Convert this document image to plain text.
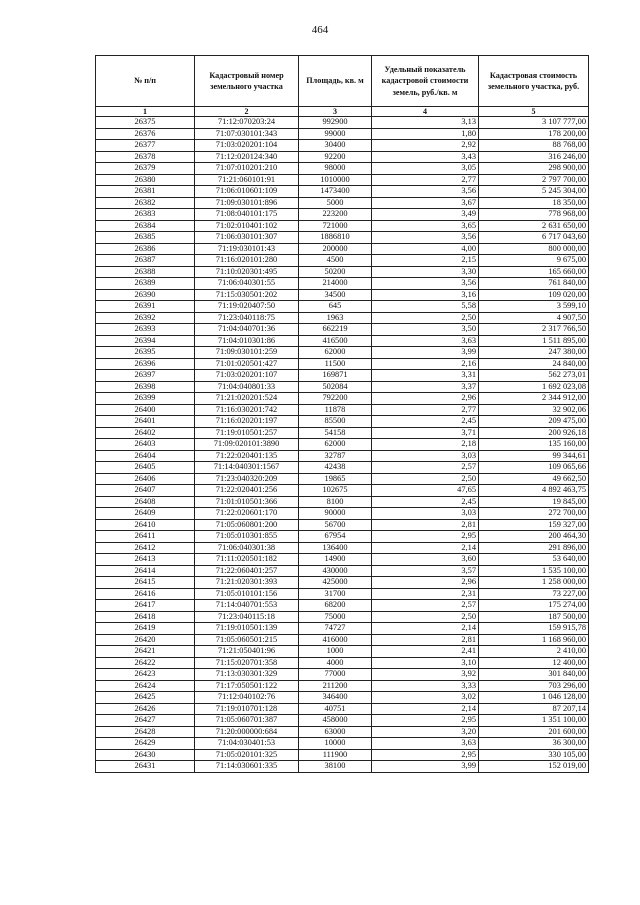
464
№ п/п	Кадастровый номер земельного участка	Площадь, кв. м	Удельный показатель кадастровой стоимости земель, руб./кв. м	Кадастровая стоимость земельного участка, руб.
1	2	3	4	5
26375	71:12:070203:24	992900	3,13	3 107 777,00
26376	71:07:030101:343	99000	1,80	178 200,00
26377	71:03:020201:104	30400	2,92	88 768,00
26378	71:12:020124:340	92200	3,43	316 246,00
26379	71:07:010201:210	98000	3,05	298 900,00
26380	71:21:060101:91	1010000	2,77	2 797 700,00
26381	71:06:010601:109	1473400	3,56	5 245 304,00
26382	71:09:030101:896	5000	3,67	18 350,00
26383	71:08:040101:175	223200	3,49	778 968,00
26384	71:02:010401:102	721000	3,65	2 631 650,00
26385	71:06:030101:307	1886810	3,56	6 717 043,60
26386	71:19:030101:43	200000	4,00	800 000,00
26387	71:16:020101:280	4500	2,15	9 675,00
26388	71:10:020301:495	50200	3,30	165 660,00
26389	71:06:040301:55	214000	3,56	761 840,00
26390	71:15:030501:202	34500	3,16	109 020,00
26391	71:19:020407:50	645	5,58	3 599,10
26392	71:23:040118:75	1963	2,50	4 907,50
26393	71:04:040701:36	662219	3,50	2 317 766,50
26394	71:04:010301:86	416500	3,63	1 511 895,00
26395	71:09:030101:259	62000	3,99	247 380,00
26396	71:01:020501:427	11500	2,16	24 840,00
26397	71:03:020201:107	169871	3,31	562 273,01
26398	71:04:040801:33	502084	3,37	1 692 023,08
26399	71:21:020201:524	792200	2,96	2 344 912,00
26400	71:16:030201:742	11878	2,77	32 902,06
26401	71:16:020201:197	85500	2,45	209 475,00
26402	71:19:010501:257	54158	3,71	200 926,18
26403	71:09:020101:3890	62000	2,18	135 160,00
26404	71:22:020401:135	32787	3,03	99 344,61
26405	71:14:040301:1567	42438	2,57	109 065,66
26406	71:23:040320:209	19865	2,50	49 662,50
26407	71:22:020401:256	102675	47,65	4 892 463,75
26408	71:01:010501:366	8100	2,45	19 845,00
26409	71:22:020601:170	90000	3,03	272 700,00
26410	71:05:060801:200	56700	2,81	159 327,00
26411	71:05:010301:855	67954	2,95	200 464,30
26412	71:06:040301:38	136400	2,14	291 896,00
26413	71:11:020501:182	14900	3,60	53 640,00
26414	71:22:060401:257	430000	3,57	1 535 100,00
26415	71:21:020301:393	425000	2,96	1 258 000,00
26416	71:05:010101:156	31700	2,31	73 227,00
26417	71:14:040701:553	68200	2,57	175 274,00
26418	71:23:040115:18	75000	2,50	187 500,00
26419	71:19:010501:139	74727	2,14	159 915,78
26420	71:05:060501:215	416000	2,81	1 168 960,00
26421	71:21:050401:96	1000	2,41	2 410,00
26422	71:15:020701:358	4000	3,10	12 400,00
26423	71:13:030301:329	77000	3,92	301 840,00
26424	71:17:050501:122	211200	3,33	703 296,00
26425	71:12:040102:76	346400	3,02	1 046 128,00
26426	71:19:010701:128	40751	2,14	87 207,14
26427	71:05:060701:387	458000	2,95	1 351 100,00
26428	71:20:000000:684	63000	3,20	201 600,00
26429	71:04:030401:53	10000	3,63	36 300,00
26430	71:05:020101:325	111900	2,95	330 105,00
26431	71:14:030601:335	38100	3,99	152 019,00
